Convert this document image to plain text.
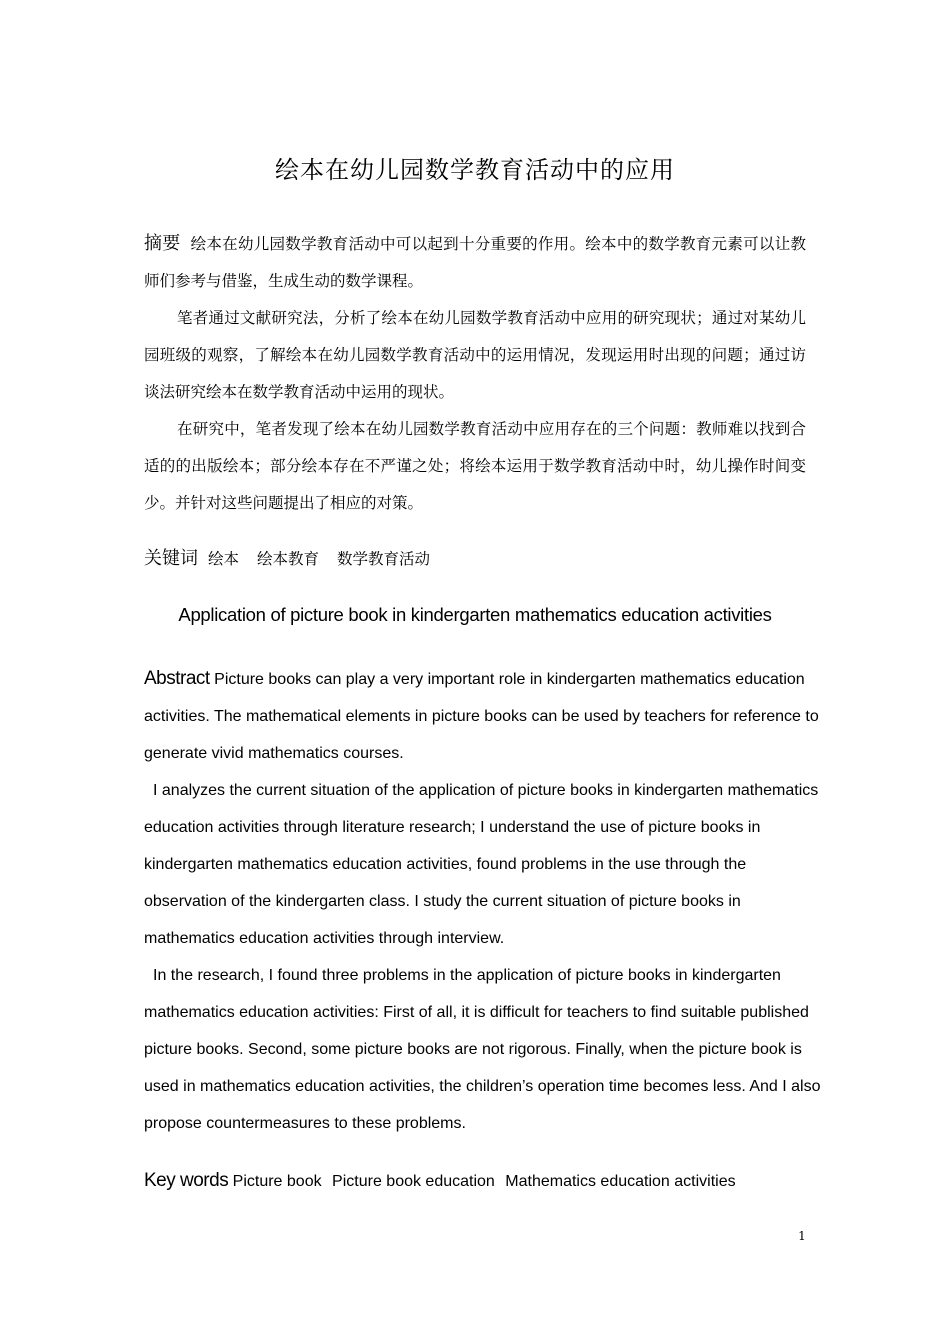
绘本在幼儿园数学教育活动中的应用

摘要 绘本在幼儿园数学教育活动中可以起到十分重要的作用。绘本中的数学教育元素可以让教师们参考与借鉴，生成生动的数学课程。

笔者通过文献研究法，分析了绘本在幼儿园数学教育活动中应用的研究现状；通过对某幼儿园班级的观察，了解绘本在幼儿园数学教育活动中的运用情况，发现运用时出现的问题；通过访谈法研究绘本在数学教育活动中运用的现状。

在研究中，笔者发现了绘本在幼儿园数学教育活动中应用存在的三个问题：教师难以找到合适的的出版绘本；部分绘本存在不严谨之处；将绘本运用于数学教育活动中时，幼儿操作时间变少。并针对这些问题提出了相应的对策。

关键词 绘本 绘本教育 数学教育活动
Application of picture book in kindergarten mathematics education activities

Abstract Picture books can play a very important role in kindergarten mathematics education activities. The mathematical elements in picture books can be used by teachers for reference to generate vivid mathematics courses.

I analyzes the current situation of the application of picture books in kindergarten mathematics education activities through literature research; I understand the use of picture books in kindergarten mathematics education activities, found problems in the use through the observation of the kindergarten class. I study the current situation of picture books in mathematics education activities through interview.

In the research, I found three problems in the application of picture books in kindergarten mathematics education activities: First of all, it is difficult for teachers to find suitable published picture books. Second, some picture books are not rigorous. Finally, when the picture book is used in mathematics education activities, the children’s operation time becomes less. And I also propose countermeasures to these problems.

Key words Picture book Picture book education Mathematics education activities

1
